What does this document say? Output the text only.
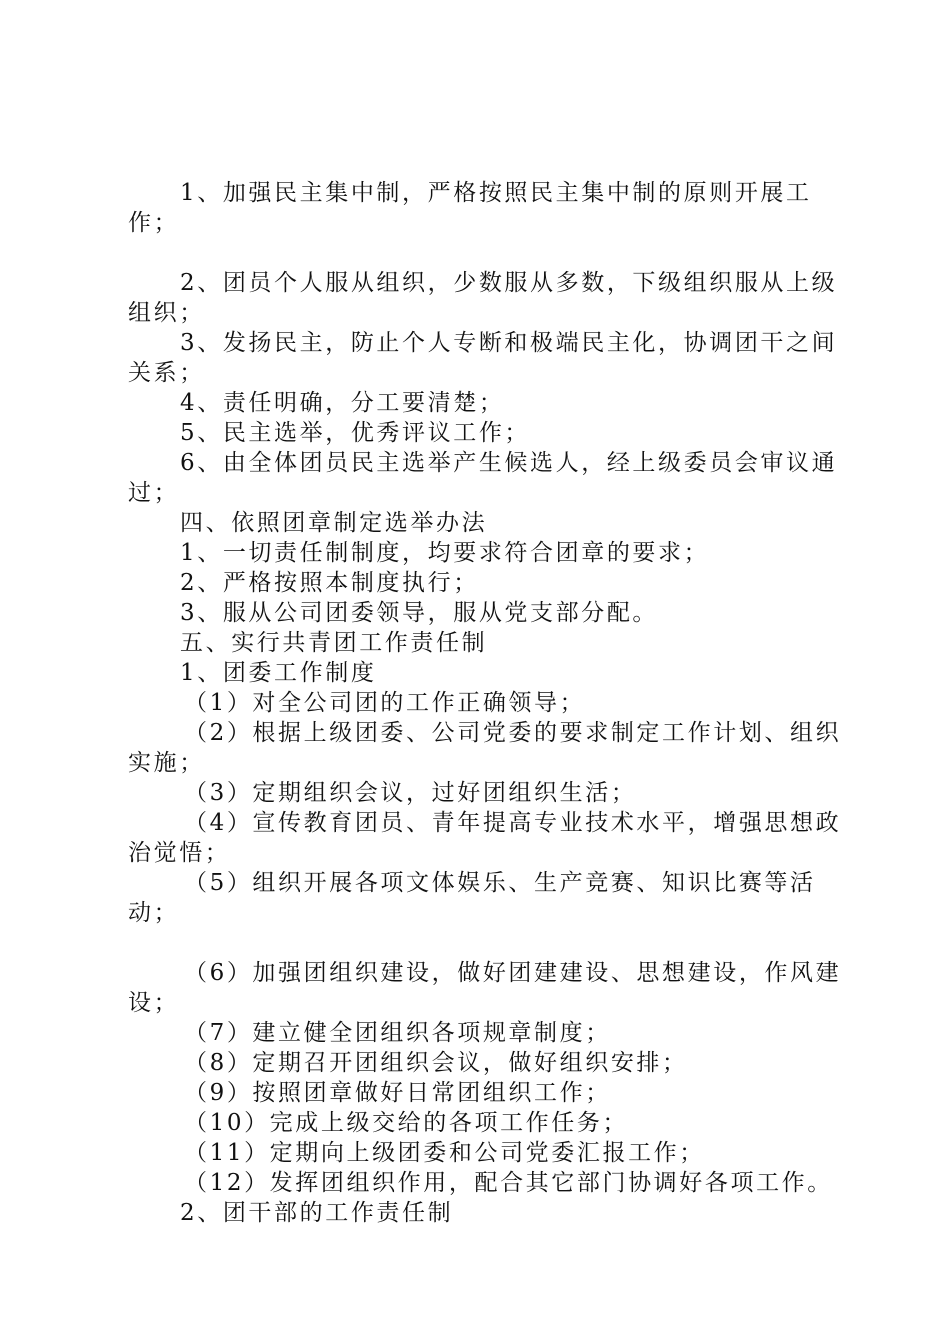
1、加强民主集中制，严格按照民主集中制的原则开展工作；

2、团员个人服从组织，少数服从多数，下级组织服从上级组织；

3、发扬民主，防止个人专断和极端民主化，协调团干之间关系；

4、责任明确，分工要清楚；

5、民主选举，优秀评议工作；

6、由全体团员民主选举产生候选人，经上级委员会审议通过；

四、依照团章制定选举办法

1、一切责任制制度，均要求符合团章的要求；

2、严格按照本制度执行；

3、服从公司团委领导，服从党支部分配。

五、实行共青团工作责任制

1、团委工作制度

（1）对全公司团的工作正确领导；

（2）根据上级团委、公司党委的要求制定工作计划、组织实施；

（3）定期组织会议，过好团组织生活；

（4）宣传教育团员、青年提高专业技术水平，增强思想政治觉悟；

（5）组织开展各项文体娱乐、生产竞赛、知识比赛等活动；

（6）加强团组织建设，做好团建建设、思想建设，作风建设；

（7）建立健全团组织各项规章制度；

（8）定期召开团组织会议，做好组织安排；

（9）按照团章做好日常团组织工作；

（10）完成上级交给的各项工作任务；

（11）定期向上级团委和公司党委汇报工作；

（12）发挥团组织作用，配合其它部门协调好各项工作。

2、团干部的工作责任制
